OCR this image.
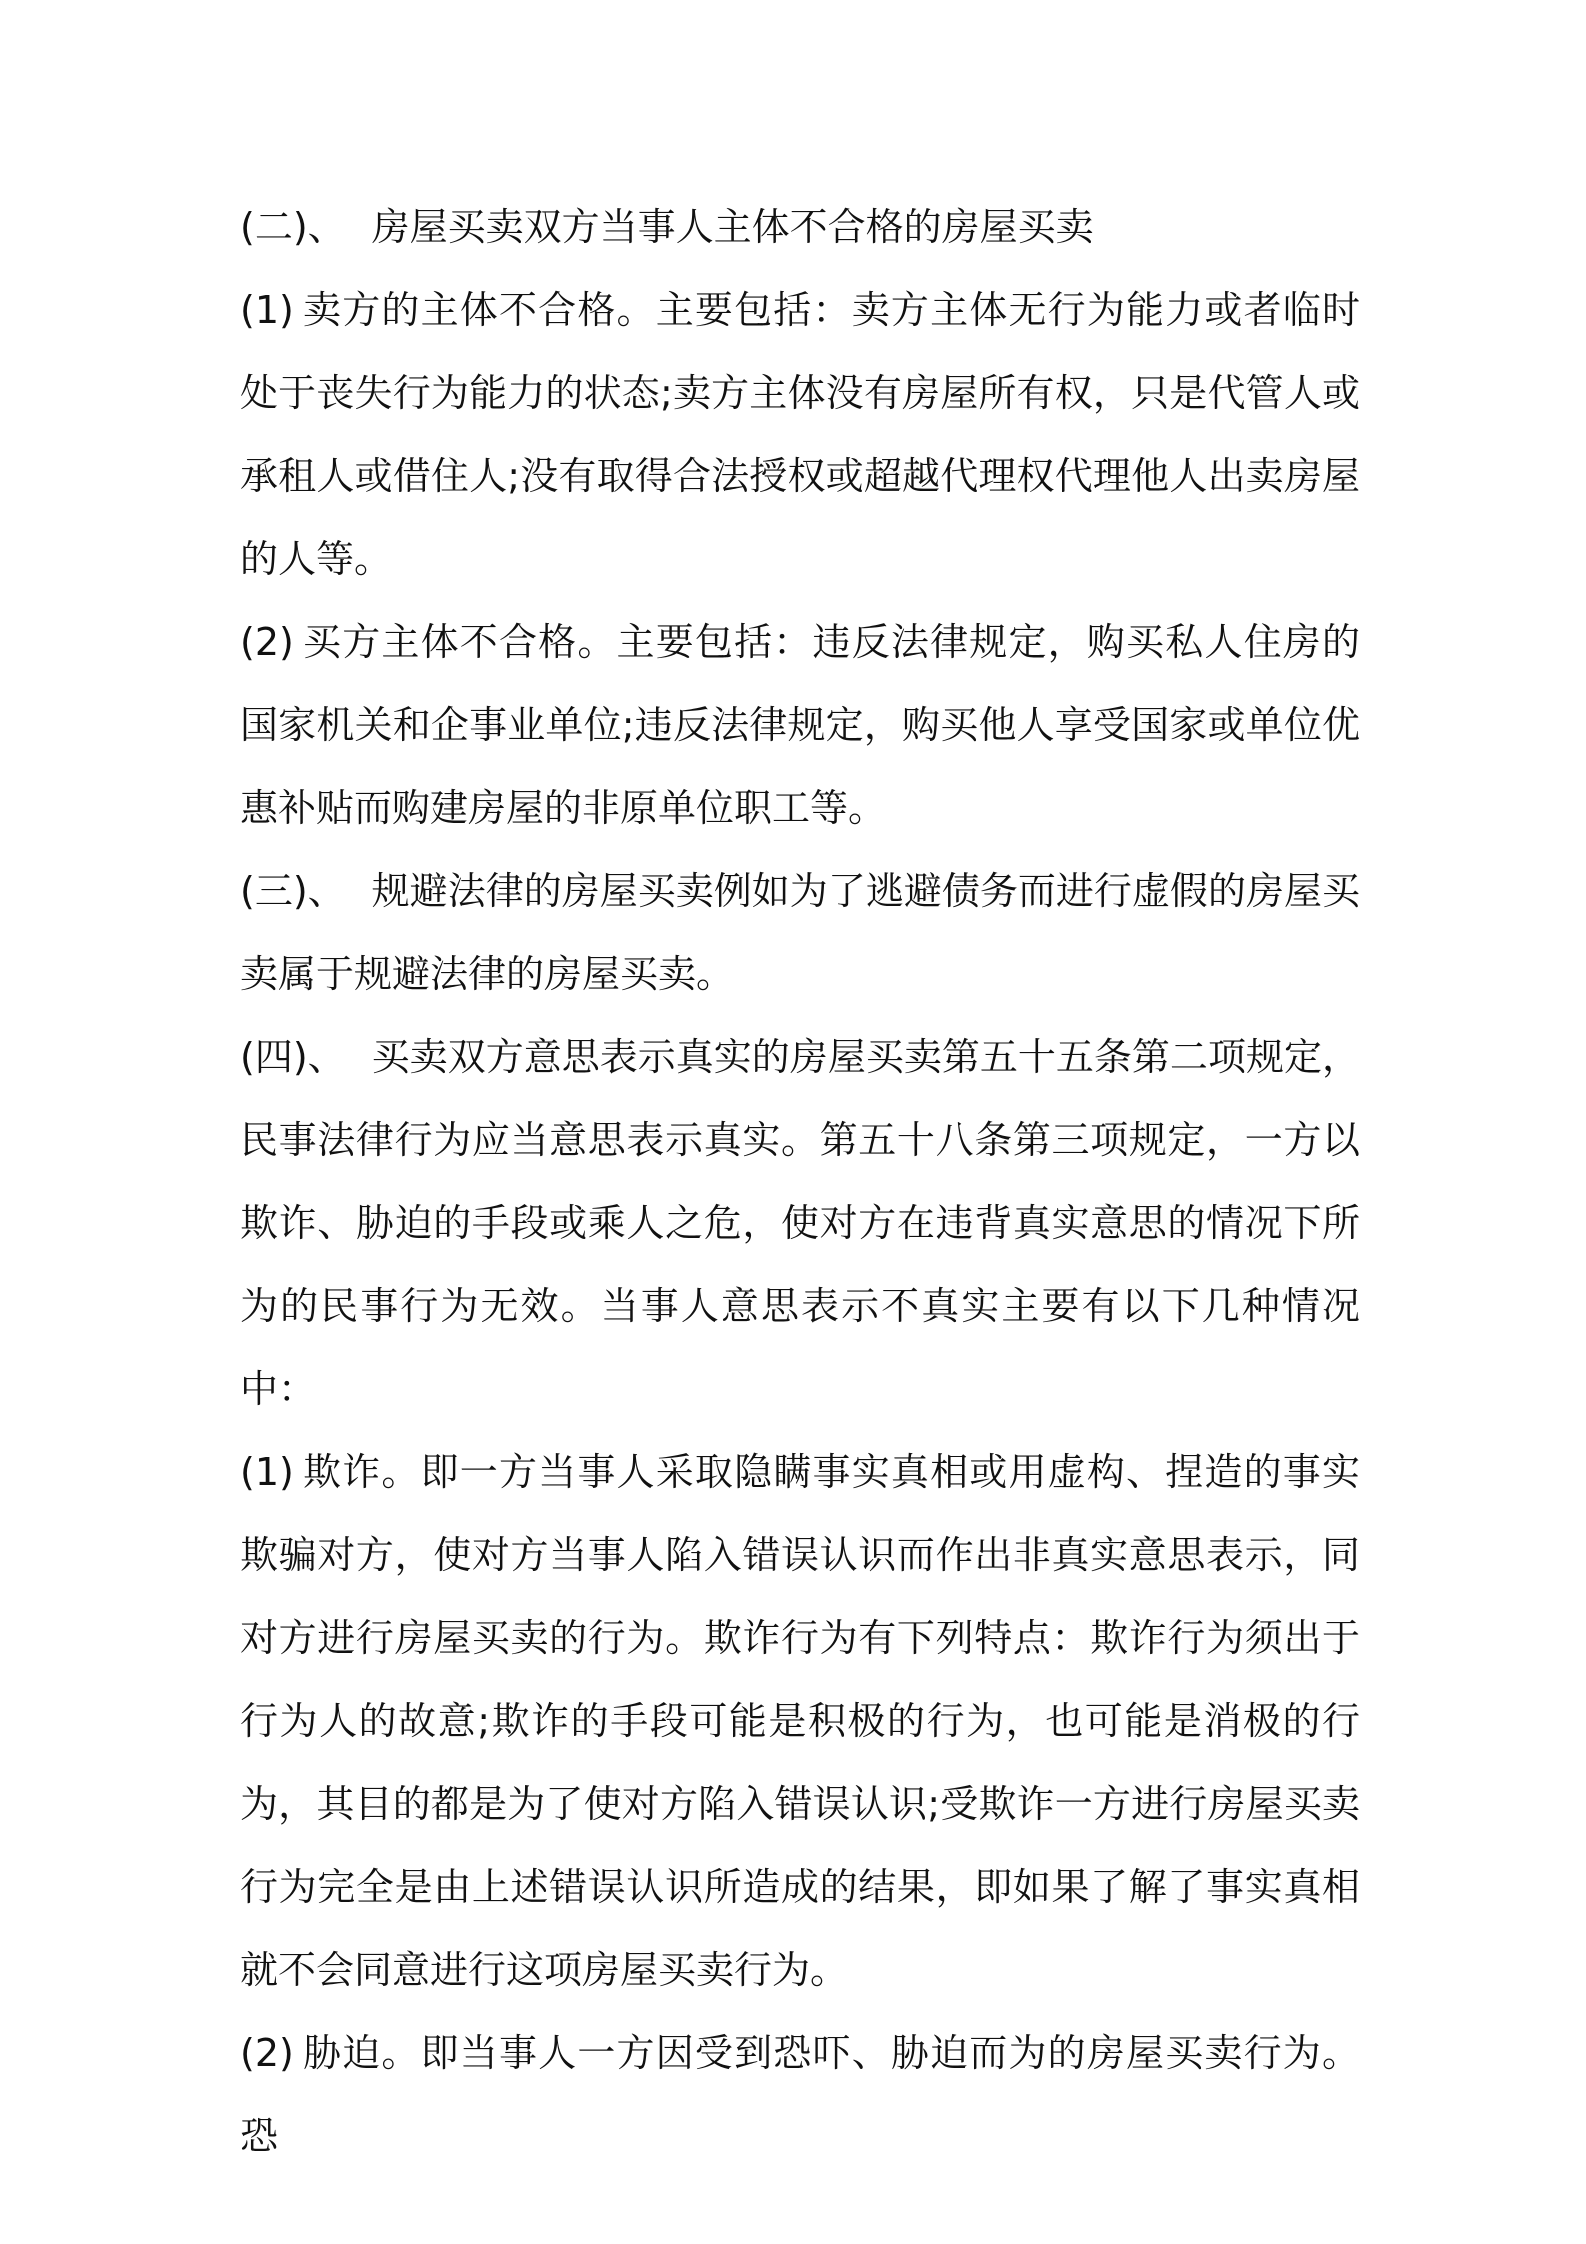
(二)、 房屋买卖双方当事人主体不合格的房屋买卖

(1) 卖方的主体不合格。主要包括：卖方主体无行为能力或者临时处于丧失行为能力的状态;卖方主体没有房屋所有权，只是代管人或承租人或借住人;没有取得合法授权或超越代理权代理他人出卖房屋的人等。

(2) 买方主体不合格。主要包括：违反法律规定，购买私人住房的国家机关和企事业单位;违反法律规定，购买他人享受国家或单位优惠补贴而购建房屋的非原单位职工等。

(三)、 规避法律的房屋买卖例如为了逃避债务而进行虚假的房屋买卖属于规避法律的房屋买卖。

(四)、 买卖双方意思表示真实的房屋买卖第五十五条第二项规定，民事法律行为应当意思表示真实。第五十八条第三项规定，一方以欺诈、胁迫的手段或乘人之危，使对方在违背真实意思的情况下所为的民事行为无效。当事人意思表示不真实主要有以下几种情况中：

(1) 欺诈。即一方当事人采取隐瞒事实真相或用虚构、捏造的事实欺骗对方，使对方当事人陷入错误认识而作出非真实意思表示，同对方进行房屋买卖的行为。欺诈行为有下列特点：欺诈行为须出于行为人的故意;欺诈的手段可能是积极的行为，也可能是消极的行为，其目的都是为了使对方陷入错误认识;受欺诈一方进行房屋买卖行为完全是由上述错误认识所造成的结果，即如果了解了事实真相就不会同意进行这项房屋买卖行为。

(2) 胁迫。即当事人一方因受到恐吓、胁迫而为的房屋买卖行为。恐
